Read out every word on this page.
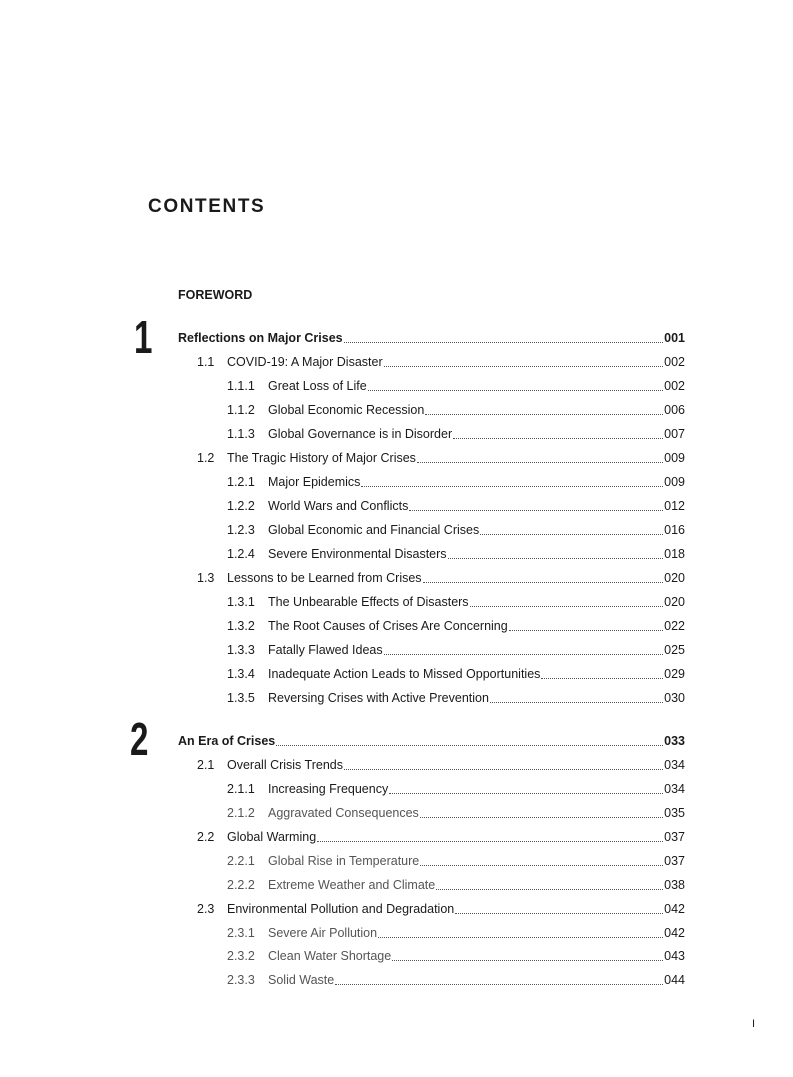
CONTENTS
FOREWORD
1 Reflections on Major Crises	001
1.1	COVID-19: A Major Disaster	002
1.1.1	Great Loss of Life	002
1.1.2	Global Economic Recession	006
1.1.3	Global Governance is in Disorder	007
1.2	The Tragic History of Major Crises	009
1.2.1	Major Epidemics	009
1.2.2	World Wars and Conflicts	012
1.2.3	Global Economic and Financial Crises	016
1.2.4	Severe Environmental Disasters	018
1.3	Lessons to be Learned from Crises	020
1.3.1	The Unbearable Effects of Disasters	020
1.3.2	The Root Causes of Crises Are Concerning	022
1.3.3	Fatally Flawed Ideas	025
1.3.4	Inadequate Action Leads to Missed Opportunities	029
1.3.5	Reversing Crises with Active Prevention	030
2 An Era of Crises	033
2.1	Overall Crisis Trends	034
2.1.1	Increasing Frequency	034
2.1.2	Aggravated Consequences	035
2.2	Global Warming	037
2.2.1	Global Rise in Temperature	037
2.2.2	Extreme Weather and Climate	038
2.3	Environmental Pollution and Degradation	042
2.3.1	Severe Air Pollution	042
2.3.2	Clean Water Shortage	043
2.3.3	Solid Waste	044
I
